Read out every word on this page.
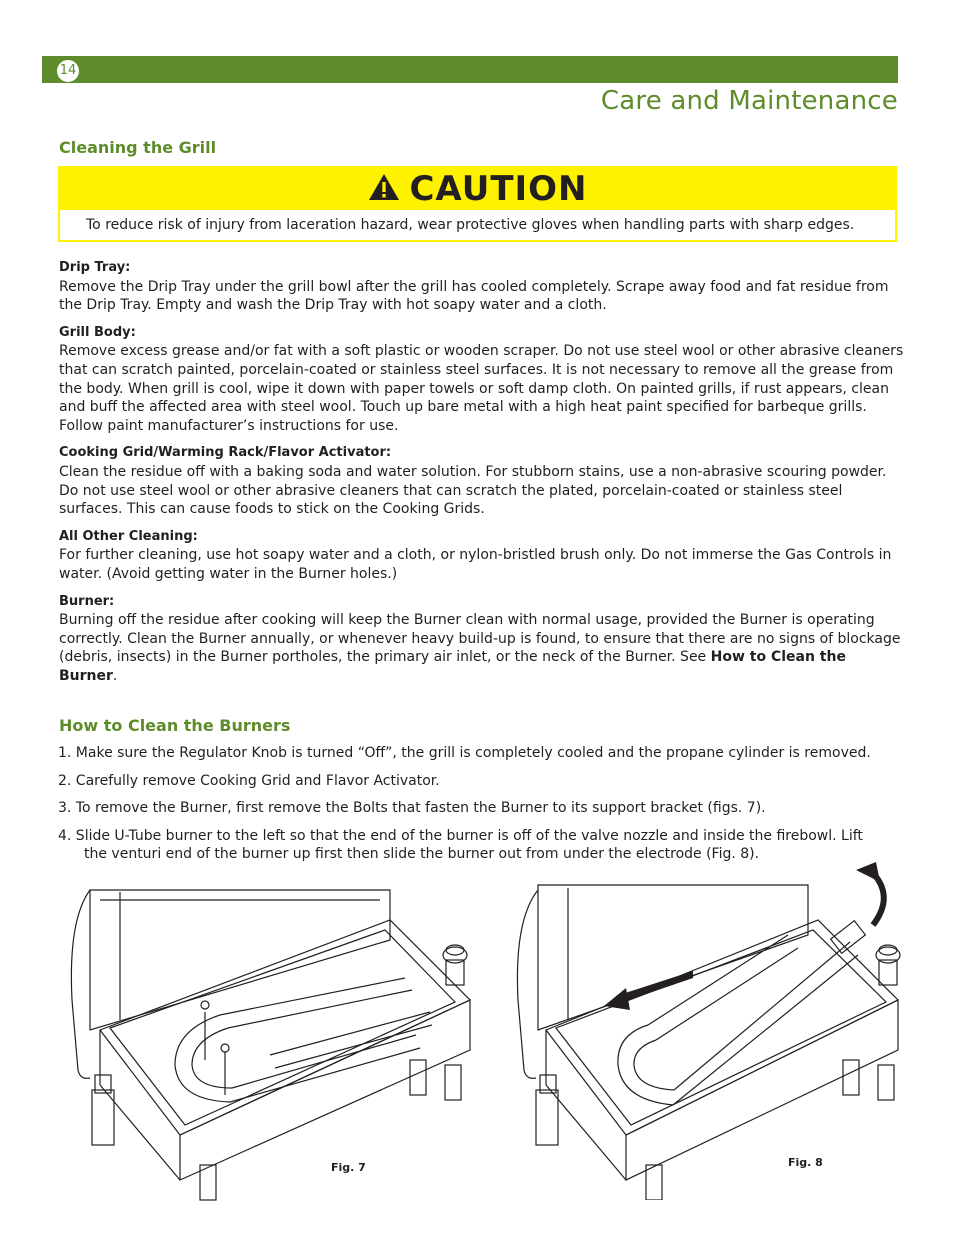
14
Care and Maintenance
Cleaning the Grill
CAUTION
To reduce risk of injury from laceration hazard, wear protective gloves when handling parts with sharp edges.
Drip Tray:

Remove the Drip Tray under the grill bowl after the grill has cooled completely. Scrape away food and fat residue from the Drip Tray. Empty and wash the Drip Tray with hot soapy water and a cloth.

Grill Body:

Remove excess grease and/or fat with a soft plastic or wooden scraper. Do not use steel wool or other abrasive cleaners that can scratch painted, porcelain-coated or stainless steel surfaces. It is not necessary to remove all the grease from the body. When grill is cool, wipe it down with paper towels or soft damp cloth. On painted grills, if rust appears, clean and buff the affected area with steel wool. Touch up bare metal with a high heat paint specified for barbeque grills. Follow paint manufacturer’s instructions for use.

Cooking Grid/Warming Rack/Flavor Activator:

Clean the residue off with a baking soda and water solution. For stubborn stains, use a non-abrasive scouring powder. Do not use steel wool or other abrasive cleaners that can scratch the plated, porcelain-coated or stainless steel surfaces. This can cause foods to stick on the Cooking Grids.

All Other Cleaning:

For further cleaning, use hot soapy water and a cloth, or nylon-bristled brush only. Do not immerse the Gas Controls in water. (Avoid getting water in the Burner holes.)

Burner:

Burning off the residue after cooking will keep the Burner clean with normal usage, provided the Burner is operating correctly. Clean the Burner annually, or whenever heavy build-up is found, to ensure that there are no signs of blockage (debris, insects) in the Burner portholes, the primary air inlet, or the neck of the Burner. See How to Clean the Burner.

How to Clean the Burners
1. Make sure the Regulator Knob is turned “Off”, the grill is completely cooled and the propane cylinder is removed.
2. Carefully remove Cooking Grid and Flavor Activator.
3. To remove the Burner, first remove the Bolts that fasten the Burner to its support bracket (figs. 7).
4. Slide U-Tube burner to the left so that the end of the burner is off of the valve nozzle and inside the firebowl. Lift
the venturi end of the burner up first then slide the burner out from under the electrode (Fig. 8).
Fig. 7	Fig. 8
